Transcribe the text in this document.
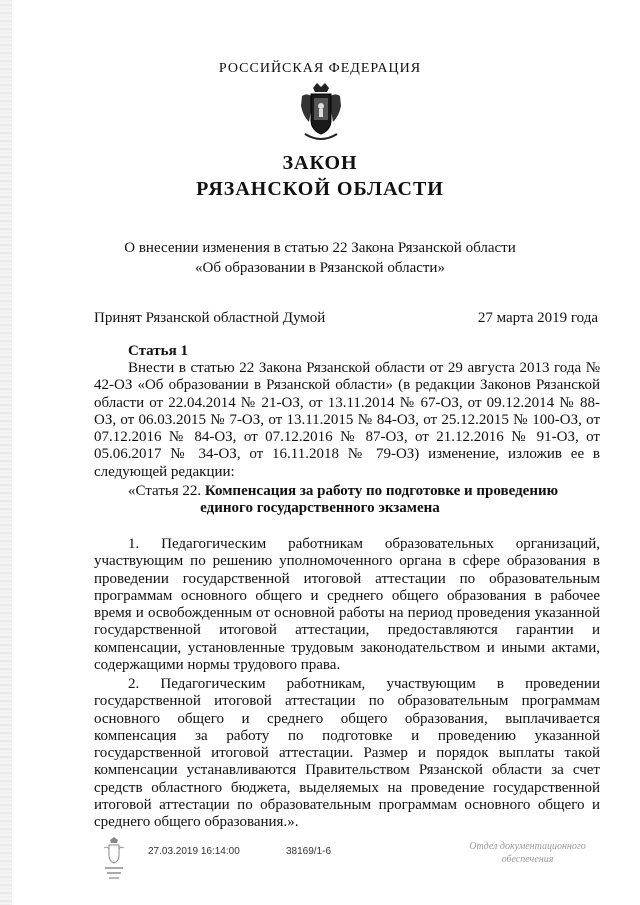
РОССИЙСКАЯ ФЕДЕРАЦИЯ
ЗАКОН
РЯЗАНСКОЙ ОБЛАСТИ
О внесении изменения в статью 22 Закона Рязанской области
«Об образовании в Рязанской области»
Принят Рязанской областной Думой	27 марта 2019 года
Статья 1
Внести в статью 22 Закона Рязанской области от 29 августа 2013 года № 42-ОЗ «Об образовании в Рязанской области» (в редакции Законов Рязанской области от 22.04.2014 № 21-ОЗ, от 13.11.2014 № 67-ОЗ, от 09.12.2014 № 88-ОЗ, от 06.03.2015 № 7-ОЗ, от 13.11.2015 № 84-ОЗ, от 25.12.2015 № 100-ОЗ, от 07.12.2016 № 84-ОЗ, от 07.12.2016 № 87-ОЗ, от 21.12.2016 № 91-ОЗ, от 05.06.2017 № 34-ОЗ, от 16.11.2018 № 79-ОЗ) изменение, изложив ее в следующей редакции:
«Статья 22. Компенсация за работу по подготовке и проведению
единого государственного экзамена
1. Педагогическим работникам образовательных организаций, участвующим по решению уполномоченного органа в сфере образования в проведении государственной итоговой аттестации по образовательным программам основного общего и среднего общего образования в рабочее время и освобожденным от основной работы на период проведения указанной государственной итоговой аттестации, предоставляются гарантии и компенсации, установленные трудовым законодательством и иными актами, содержащими нормы трудового права.
2. Педагогическим работникам, участвующим в проведении государственной итоговой аттестации по образовательным программам основного общего и среднего общего образования, выплачивается компенсация за работу по подготовке и проведению указанной государственной итоговой аттестации. Размер и порядок выплаты такой компенсации устанавливаются Правительством Рязанской области за счет средств областного бюджета, выделяемых на проведение государственной итоговой аттестации по образовательным программам основного общего и среднего общего образования.».
27.03.2019 16:14:00	38169/1-6	Отдел документационного
обеспечения
